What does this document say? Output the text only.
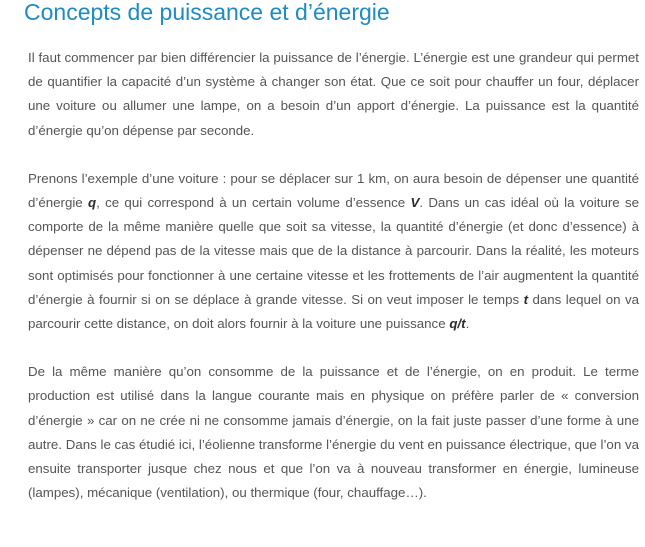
Concepts de puissance et d’énergie

Il faut commencer par bien différencier la puissance de l’énergie. L’énergie est une grandeur qui permet de quantifier la capacité d’un système à changer son état. Que ce soit pour chauffer un four, déplacer une voiture ou allumer une lampe, on a besoin d’un apport d’énergie. La puissance est la quantité d’énergie qu’on dépense par seconde.

Prenons l’exemple d’une voiture : pour se déplacer sur 1 km, on aura besoin de dépenser une quantité d’énergie q, ce qui correspond à un certain volume d’essence V. Dans un cas idéal où la voiture se comporte de la même manière quelle que soit sa vitesse, la quantité d’énergie (et donc d’essence) à dépenser ne dépend pas de la vitesse mais que de la distance à parcourir. Dans la réalité, les moteurs sont optimisés pour fonctionner à une certaine vitesse et les frottements de l’air augmentent la quantité d’énergie à fournir si on se déplace à grande vitesse. Si on veut imposer le temps t dans lequel on va parcourir cette distance, on doit alors fournir à la voiture une puissance q/t.

De la même manière qu’on consomme de la puissance et de l’énergie, on en produit. Le terme production est utilisé dans la langue courante mais en physique on préfère parler de « conversion d’énergie » car on ne crée ni ne consomme jamais d’énergie, on la fait juste passer d’une forme à une autre. Dans le cas étudié ici, l’éolienne transforme l’énergie du vent en puissance électrique, que l’on va ensuite transporter jusque chez nous et que l’on va à nouveau transformer en énergie, lumineuse (lampes), mécanique (ventilation), ou thermique (four, chauffage…).
